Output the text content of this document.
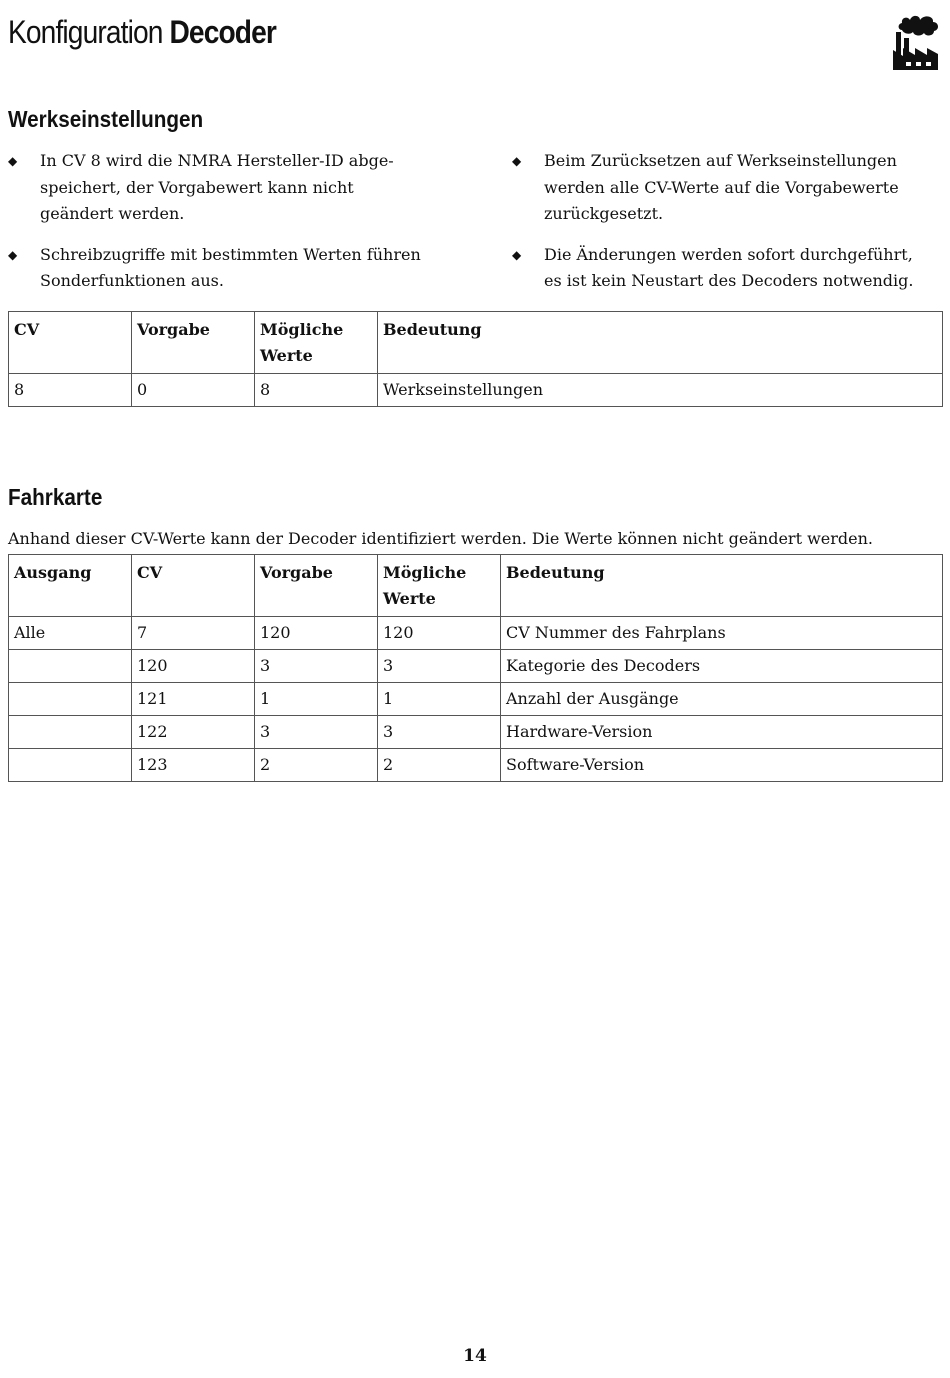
Konfiguration Decoder
Werkseinstellungen
◆ In CV 8 wird die NMRA Hersteller-ID abge-speichert, der Vorgabewert kann nicht geändert werden.
◆ Schreibzugriffe mit bestimmten Werten führen Sonderfunktionen aus.
◆ Beim Zurücksetzen auf Werkseinstellungen werden alle CV-Werte auf die Vorgabewerte zurückgesetzt.
◆ Die Änderungen werden sofort durchgeführt, es ist kein Neustart des Decoders notwendig.
CV	Vorgabe	Mögliche Werte	Bedeutung
8	0	8	Werkseinstellungen
Fahrkarte

Anhand dieser CV-Werte kann der Decoder identifiziert werden. Die Werte können nicht geändert werden.

Ausgang	CV	Vorgabe	Mögliche Werte	Bedeutung
Alle	7	120	120	CV Nummer des Fahrplans
	120	3	3	Kategorie des Decoders
	121	1	1	Anzahl der Ausgänge
	122	3	3	Hardware-Version
	123	2	2	Software-Version
14
